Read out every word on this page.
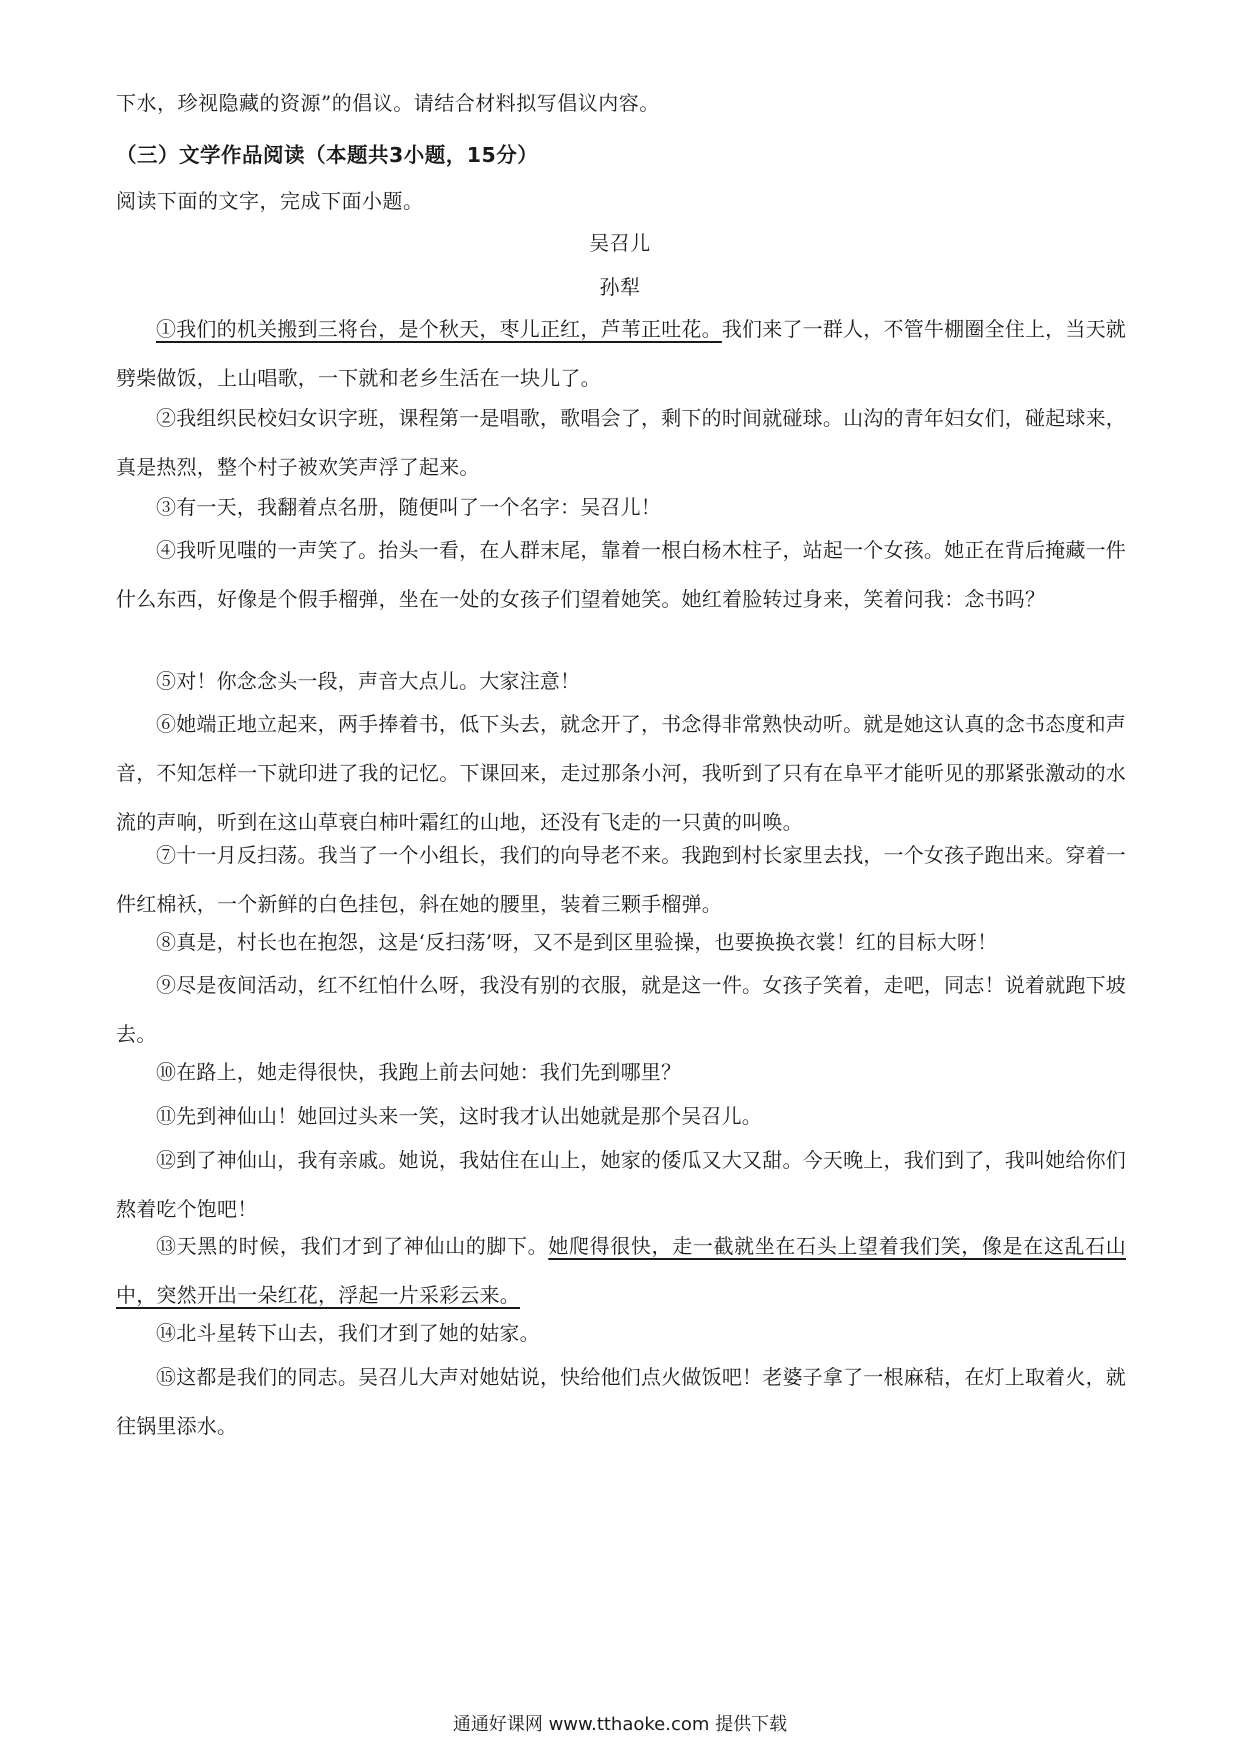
下水，珍视隐藏的资源”的倡议。请结合材料拟写倡议内容。
（三）文学作品阅读（本题共3小题，15分）
阅读下面的文字，完成下面小题。
吴召儿
孙犁

①我们的机关搬到三将台，是个秋天，枣儿正红，芦苇正吐花。我们来了一群人，不管牛棚圈全住上，当天就劈柴做饭，上山唱歌，一下就和老乡生活在一块儿了。

②我组织民校妇女识字班，课程第一是唱歌，歌唱会了，剩下的时间就碰球。山沟的青年妇女们，碰起球来，真是热烈，整个村子被欢笑声浮了起来。

③有一天，我翻着点名册，随便叫了一个名字：吴召儿！

④我听见嗤的一声笑了。抬头一看，在人群末尾，靠着一根白杨木柱子，站起一个女孩。她正在背后掩藏一件什么东西，好像是个假手榴弹，坐在一处的女孩子们望着她笑。她红着脸转过身来，笑着问我：念书吗？

⑤对！你念念头一段，声音大点儿。大家注意！

⑥她端正地立起来，两手捧着书，低下头去，就念开了，书念得非常熟快动听。就是她这认真的念书态度和声音，不知怎样一下就印进了我的记忆。下课回来，走过那条小河，我听到了只有在阜平才能听见的那紧张激动的水流的声响，听到在这山草衰白柿叶霜红的山地，还没有飞走的一只黄的叫唤。

⑦十一月反扫荡。我当了一个小组长，我们的向导老不来。我跑到村长家里去找，一个女孩子跑出来。穿着一件红棉袄，一个新鲜的白色挂包，斜在她的腰里，装着三颗手榴弹。

⑧真是，村长也在抱怨，这是‘反扫荡’呀，又不是到区里验操，也要换换衣裳！红的目标大呀！

⑨尽是夜间活动，红不红怕什么呀，我没有别的衣服，就是这一件。女孩子笑着，走吧，同志！说着就跑下坡去。

⑩在路上，她走得很快，我跑上前去问她：我们先到哪里？

⑪先到神仙山！她回过头来一笑，这时我才认出她就是那个吴召儿。

⑫到了神仙山，我有亲戚。她说，我姑住在山上，她家的倭瓜又大又甜。今天晚上，我们到了，我叫她给你们熬着吃个饱吧！

⑬天黑的时候，我们才到了神仙山的脚下。她爬得很快，走一截就坐在石头上望着我们笑，像是在这乱石山中，突然开出一朵红花，浮起一片采彩云来。

⑭北斗星转下山去，我们才到了她的姑家。

⑮这都是我们的同志。吴召儿大声对她姑说，快给他们点火做饭吧！老婆子拿了一根麻秸，在灯上取着火，就往锅里添水。

通通好课网 www.tthaoke.com 提供下载
